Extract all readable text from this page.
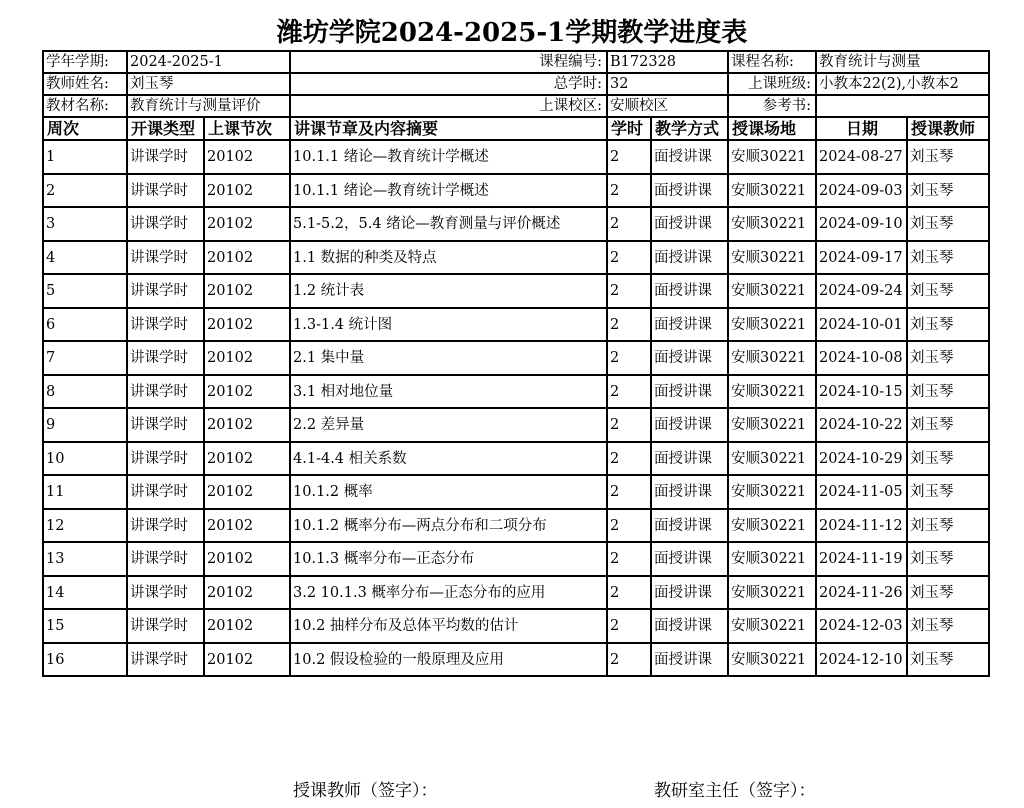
潍坊学院2024-2025-1学期教学进度表
学年学期:	2024-2025-1		课程编号:	B172328		课程名称:	教育统计与测量	
教师姓名:	刘玉琴		总学时:	32		上课班级:	小教本22(2),小教本2	
教材名称:	教育统计与测量评价		上课校区:	安顺校区		参考书:		
周次	开课类型	上课节次	讲课节章及内容摘要	学时	教学方式	授课场地	日期	授课教师
1	讲课学时	20102	10.1.1 绪论—教育统计学概述	2	面授讲课	安顺30221	2024-08-27	刘玉琴
2	讲课学时	20102	10.1.1 绪论—教育统计学概述	2	面授讲课	安顺30221	2024-09-03	刘玉琴
3	讲课学时	20102	5.1-5.2，5.4 绪论—教育测量与评价概述	2	面授讲课	安顺30221	2024-09-10	刘玉琴
4	讲课学时	20102	1.1 数据的种类及特点	2	面授讲课	安顺30221	2024-09-17	刘玉琴
5	讲课学时	20102	1.2 统计表	2	面授讲课	安顺30221	2024-09-24	刘玉琴
6	讲课学时	20102	1.3-1.4 统计图	2	面授讲课	安顺30221	2024-10-01	刘玉琴
7	讲课学时	20102	2.1 集中量	2	面授讲课	安顺30221	2024-10-08	刘玉琴
8	讲课学时	20102	3.1 相对地位量	2	面授讲课	安顺30221	2024-10-15	刘玉琴
9	讲课学时	20102	2.2 差异量	2	面授讲课	安顺30221	2024-10-22	刘玉琴
10	讲课学时	20102	4.1-4.4 相关系数	2	面授讲课	安顺30221	2024-10-29	刘玉琴
11	讲课学时	20102	10.1.2 概率	2	面授讲课	安顺30221	2024-11-05	刘玉琴
12	讲课学时	20102	10.1.2 概率分布—两点分布和二项分布	2	面授讲课	安顺30221	2024-11-12	刘玉琴
13	讲课学时	20102	10.1.3 概率分布—正态分布	2	面授讲课	安顺30221	2024-11-19	刘玉琴
14	讲课学时	20102	3.2 10.1.3 概率分布—正态分布的应用	2	面授讲课	安顺30221	2024-11-26	刘玉琴
15	讲课学时	20102	10.2 抽样分布及总体平均数的估计	2	面授讲课	安顺30221	2024-12-03	刘玉琴
16	讲课学时	20102	10.2 假设检验的一般原理及应用	2	面授讲课	安顺30221	2024-12-10	刘玉琴
授课教师（签字）：	教研室主任（签字）：
